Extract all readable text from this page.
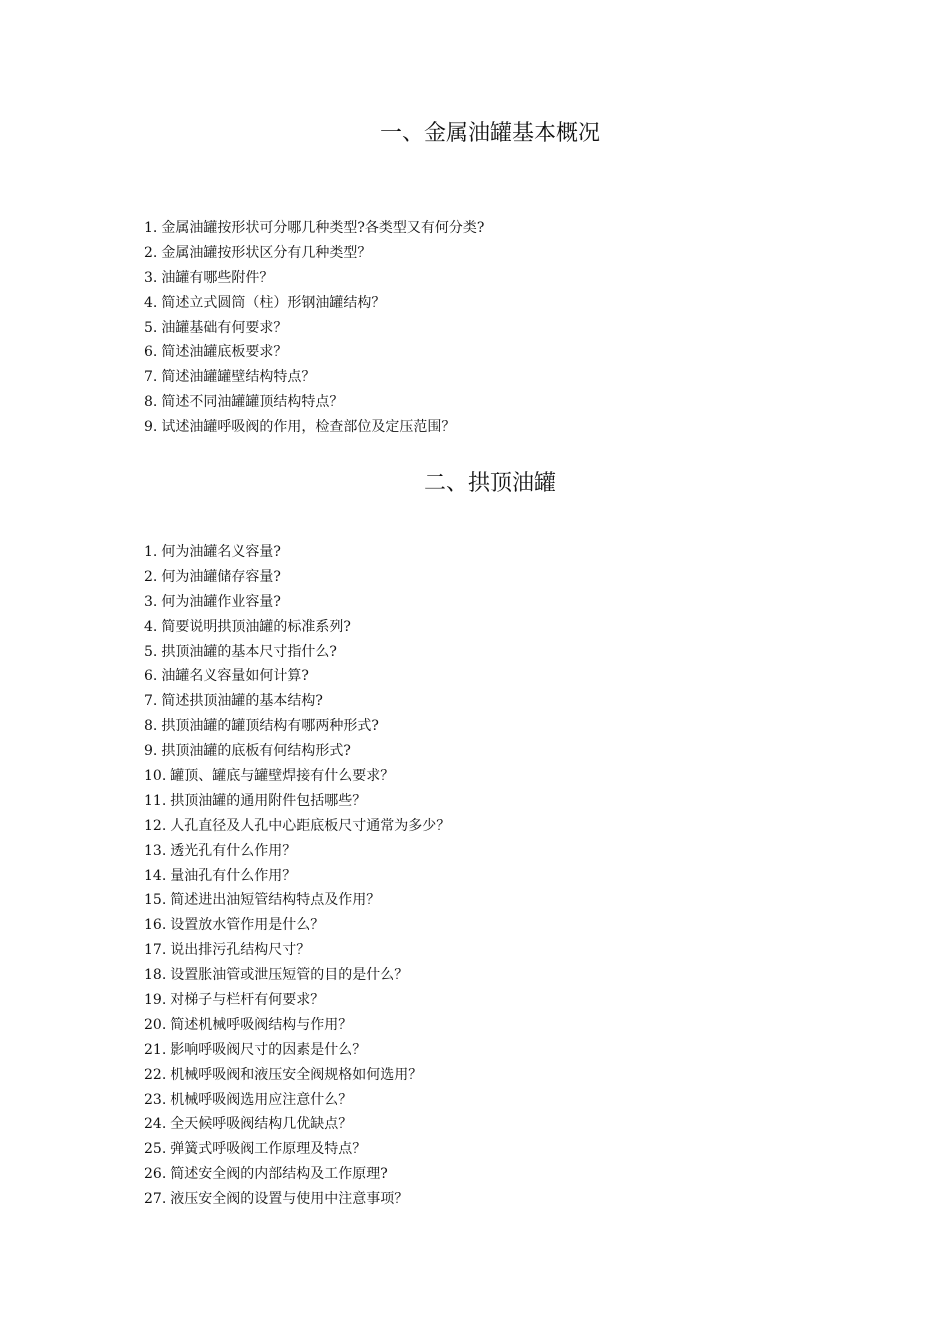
一、金属油罐基本概况
1. 金属油罐按形状可分哪几种类型?各类型又有何分类?
2. 金属油罐按形状区分有几种类型？
3. 油罐有哪些附件？
4. 简述立式圆筒（柱）形钢油罐结构？
5. 油罐基础有何要求？
6. 简述油罐底板要求？
7. 简述油罐罐壁结构特点？
8. 简述不同油罐罐顶结构特点？
9. 试述油罐呼吸阀的作用，检查部位及定压范围？
二、拱顶油罐
1. 何为油罐名义容量?
2. 何为油罐储存容量?
3. 何为油罐作业容量?
4. 简要说明拱顶油罐的标准系列?
5. 拱顶油罐的基本尺寸指什么?
6. 油罐名义容量如何计算?
7. 简述拱顶油罐的基本结构?
8. 拱顶油罐的罐顶结构有哪两种形式?
9. 拱顶油罐的底板有何结构形式?
10. 罐顶、罐底与罐壁焊接有什么要求？
11. 拱顶油罐的通用附件包括哪些？
12. 人孔直径及人孔中心距底板尺寸通常为多少？
13. 透光孔有什么作用？
14. 量油孔有什么作用？
15. 简述进出油短管结构特点及作用？
16. 设置放水管作用是什么？
17. 说出排污孔结构尺寸？
18. 设置胀油管或泄压短管的目的是什么？
19. 对梯子与栏杆有何要求？
20. 简述机械呼吸阀结构与作用？
21. 影响呼吸阀尺寸的因素是什么？
22. 机械呼吸阀和液压安全阀规格如何选用？
23. 机械呼吸阀选用应注意什么？
24. 全天候呼吸阀结构几优缺点？
25. 弹簧式呼吸阀工作原理及特点？
26. 简述安全阀的内部结构及工作原理?
27. 液压安全阀的设置与使用中注意事项？
